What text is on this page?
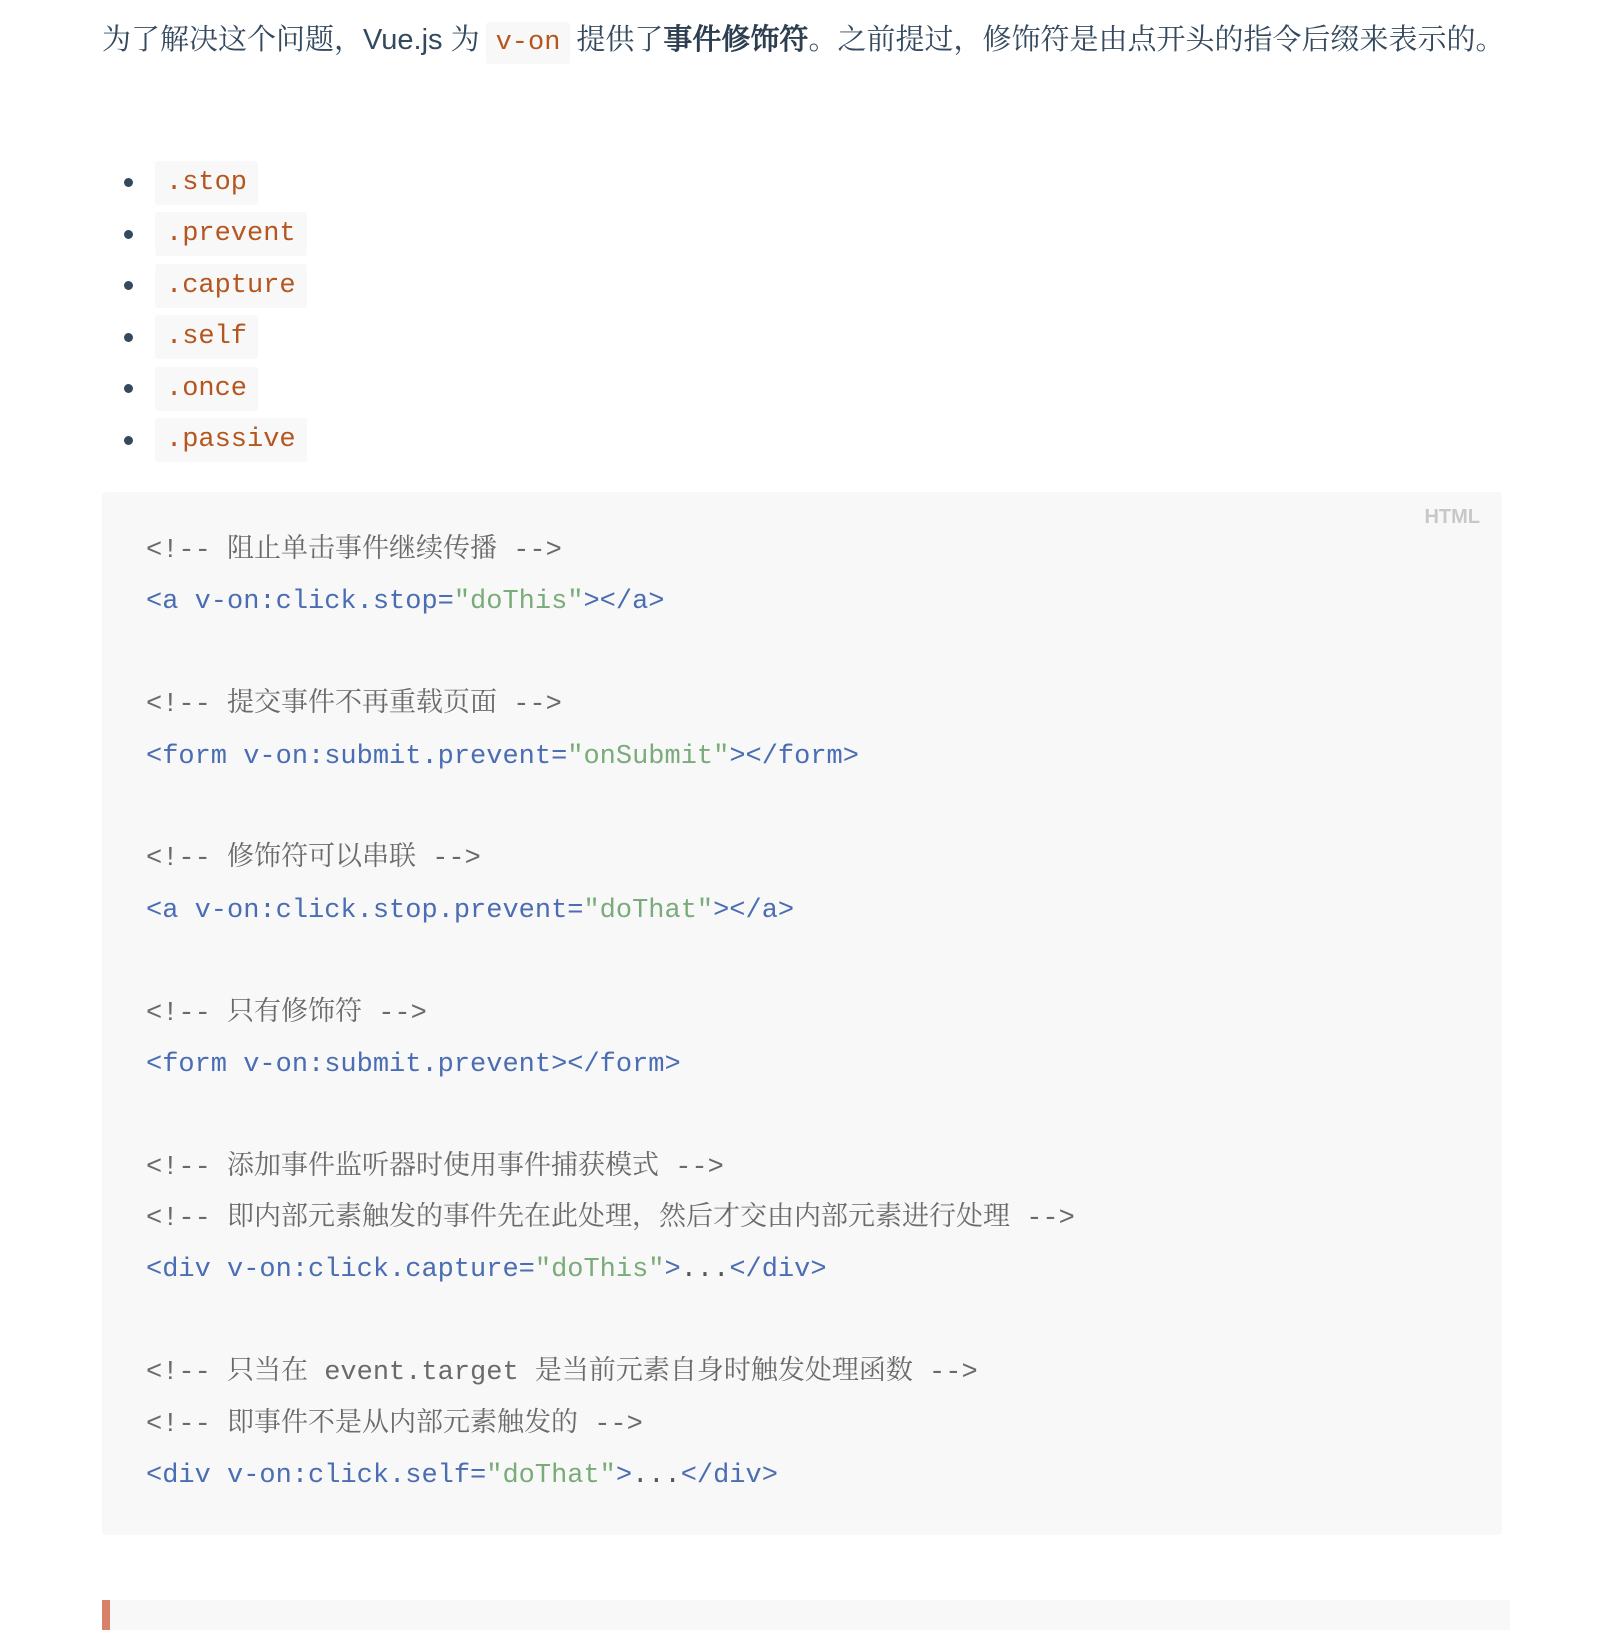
为了解决这个问题，Vue.js 为 v-on 提供了事件修饰符。之前提过，修饰符是由点开头的指令后缀来表示的。

.stop
.prevent
.capture
.self
.once
.passive
HTML
<!-- 阻止单击事件继续传播 -->
<a v-on:click.stop="doThis"></a>

<!-- 提交事件不再重载页面 -->
<form v-on:submit.prevent="onSubmit"></form>

<!-- 修饰符可以串联 -->
<a v-on:click.stop.prevent="doThat"></a>

<!-- 只有修饰符 -->
<form v-on:submit.prevent></form>

<!-- 添加事件监听器时使用事件捕获模式 -->
<!-- 即内部元素触发的事件先在此处理，然后才交由内部元素进行处理 -->
<div v-on:click.capture="doThis">...</div>

<!-- 只当在 event.target 是当前元素自身时触发处理函数 -->
<!-- 即事件不是从内部元素触发的 -->
<div v-on:click.self="doThat">...</div>
